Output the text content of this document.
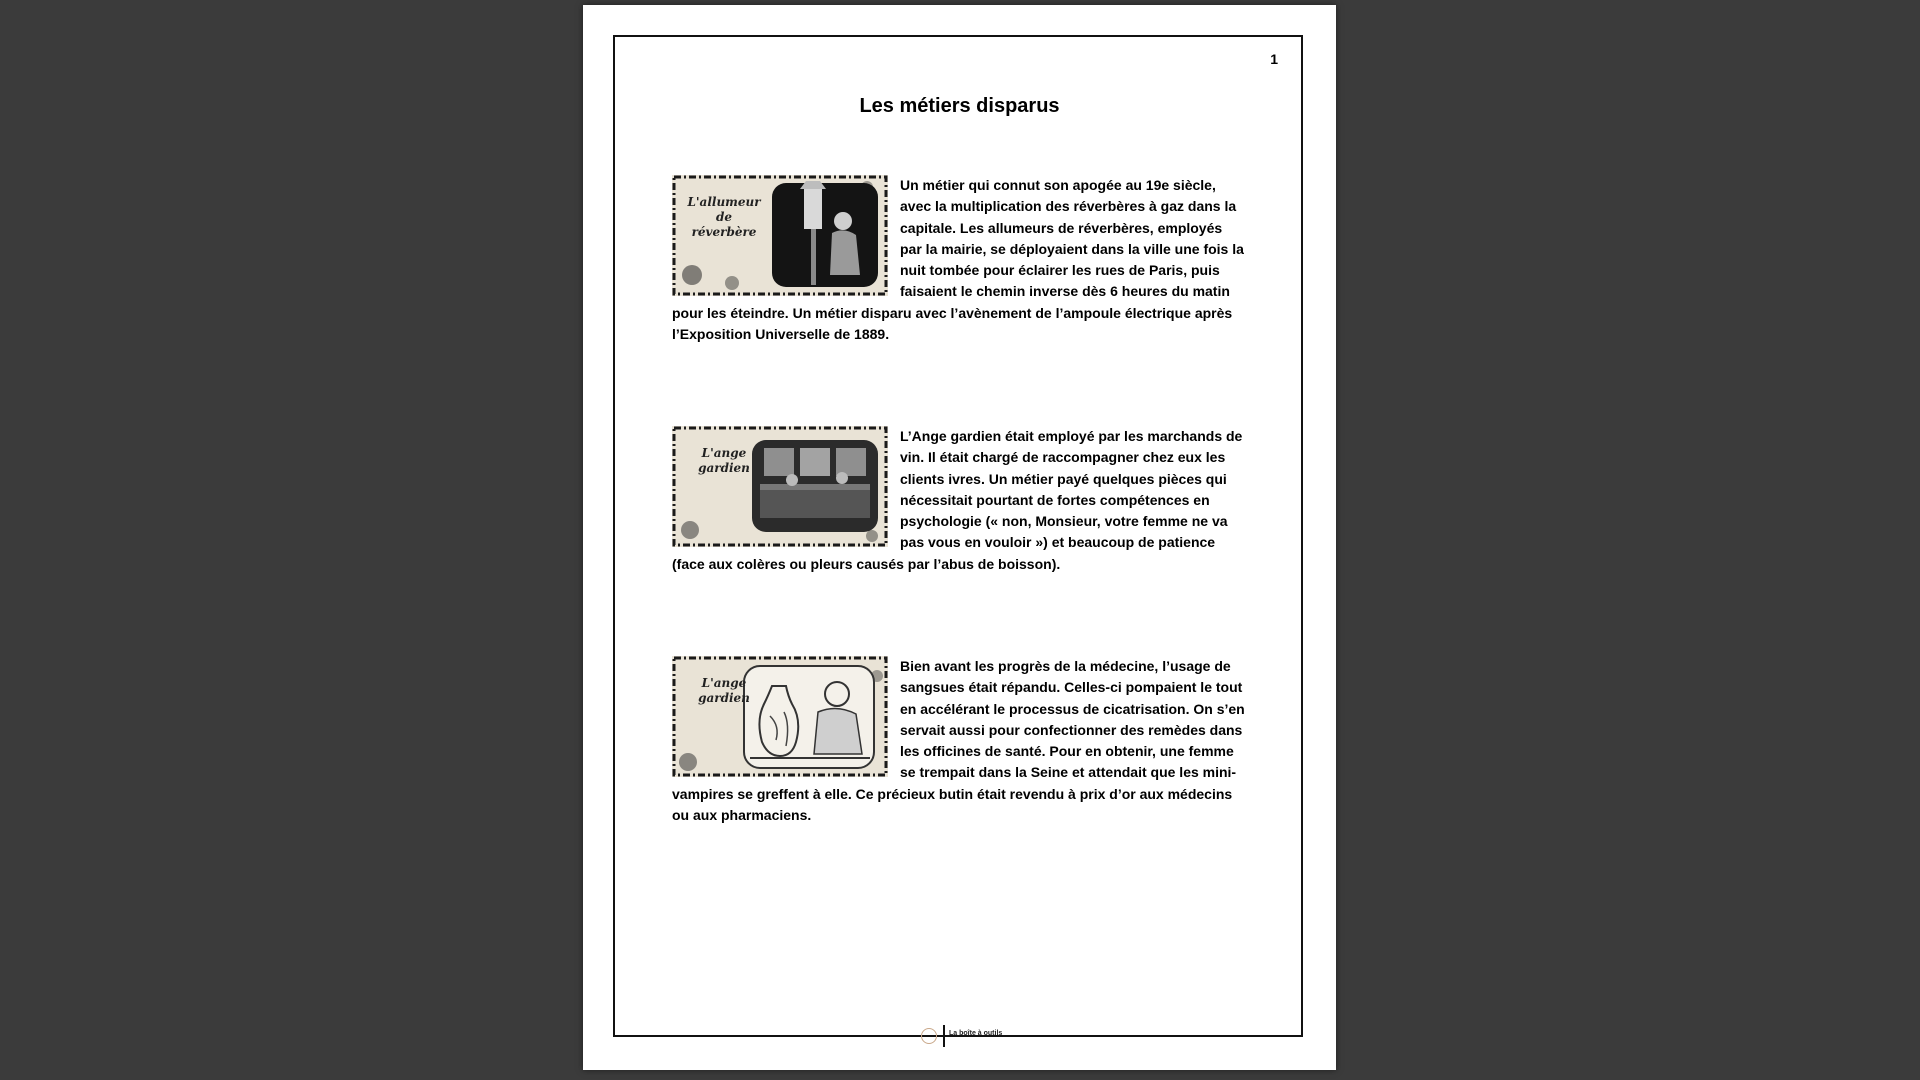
1
Les métiers disparus
L'allumeur
de réverbère

Un métier qui connut son apogée au 19e siècle, avec la multiplication des réverbères à gaz dans la capitale. Les allumeurs de réverbères, employés par la mairie, se déployaient dans la ville une fois la nuit tombée pour éclairer les rues de Paris, puis faisaient le chemin inverse dès 6 heures du matin pour les éteindre. Un métier disparu avec l’avènement de l’ampoule électrique après l’Exposition Universelle de 1889.

L'ange
gardien

L’Ange gardien était employé par les marchands de vin. Il était chargé de raccompagner chez eux les clients ivres. Un métier payé quelques pièces qui nécessitait pourtant de fortes compétences en psychologie (« non, Monsieur, votre femme ne va pas vous en vouloir ») et beaucoup de patience (face aux colères ou pleurs causés par l’abus de boisson).

L'ange
gardien

Bien avant les progrès de la médecine, l’usage de sangsues était répandu. Celles-ci pompaient le tout en accélérant le processus de cicatrisation. On s’en servait aussi pour confectionner des remèdes dans les officines de santé. Pour en obtenir, une femme se trempait dans la Seine et attendait que les mini-vampires se greffent à elle. Ce précieux butin était revendu à prix d’or aux médecins ou aux pharmaciens.

La boîte à outils
